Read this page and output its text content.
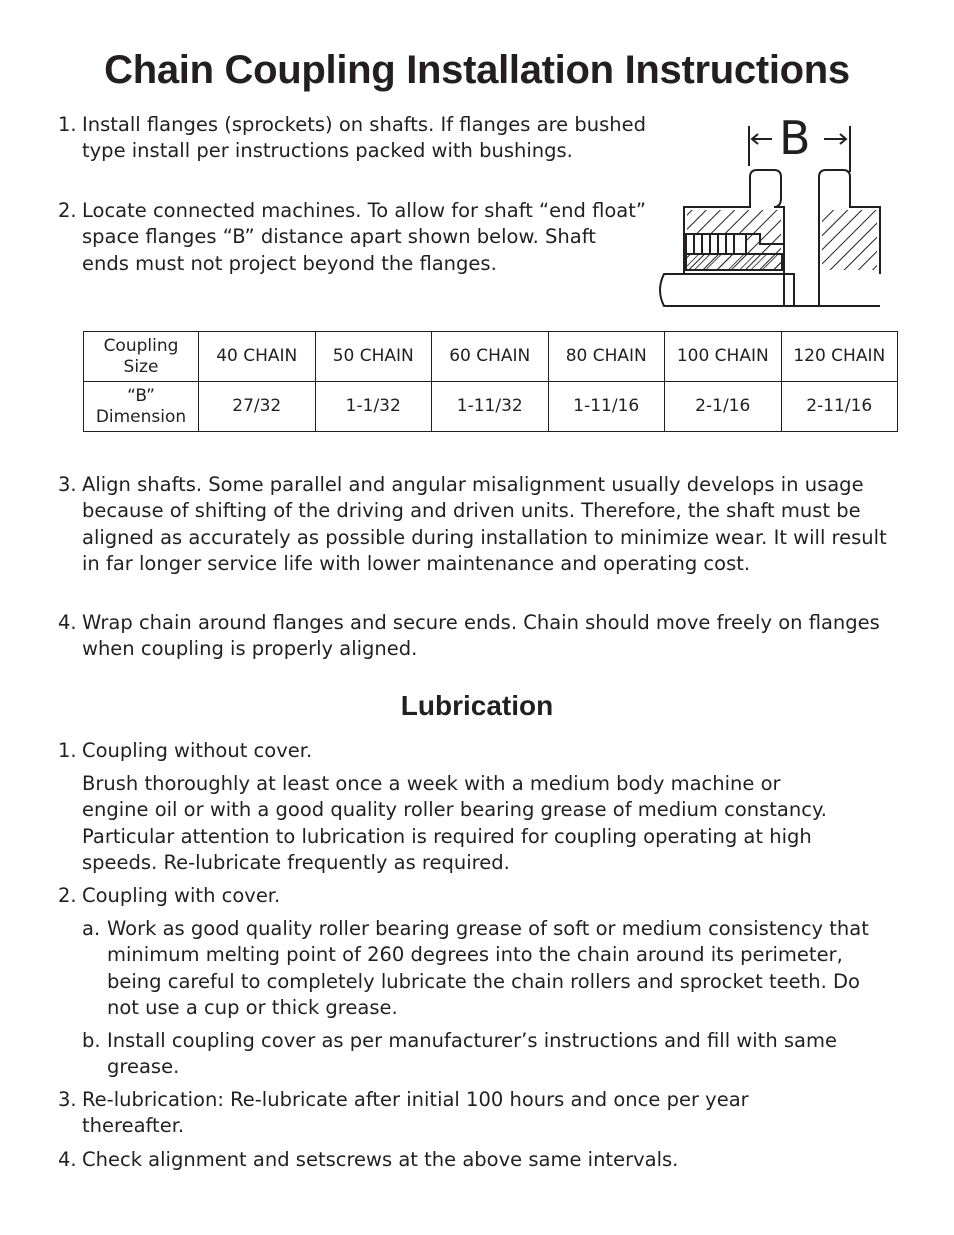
Chain Coupling Installation Instructions
1. Install flanges (sprockets) on shafts. If flanges are bushed type install per instructions packed with bushings.
2. Locate connected machines. To allow for shaft “end float” space flanges “B” distance apart shown below. Shaft ends must not project beyond the flanges.
B
Coupling Size	40 CHAIN	50 CHAIN	60 CHAIN	80 CHAIN	100 CHAIN	120 CHAIN
“B” Dimension	27/32	1-1/32	1-11/32	1-11/16	2-1/16	2-11/16
3. Align shafts. Some parallel and angular misalignment usually develops in usage because of shifting of the driving and driven units. Therefore, the shaft must be aligned as accurately as possible during installation to minimize wear. It will result in far longer service life with lower maintenance and operating cost.
4. Wrap chain around flanges and secure ends. Chain should move freely on flanges when coupling is properly aligned.
Lubrication
1. Coupling without cover.
Brush thoroughly at least once a week with a medium body machine or engine oil or with a good quality roller bearing grease of medium constancy. Particular attention to lubrication is required for coupling operating at high speeds. Re-lubricate frequently as required.
2. Coupling with cover.
a. Work as good quality roller bearing grease of soft or medium consistency that minimum melting point of 260 degrees into the chain around its perimeter, being careful to completely lubricate the chain rollers and sprocket teeth. Do not use a cup or thick grease.
b. Install coupling cover as per manufacturer’s instructions and fill with same grease.
3. Re-lubrication: Re-lubricate after initial 100 hours and once per year thereafter.
4. Check alignment and setscrews at the above same intervals.
